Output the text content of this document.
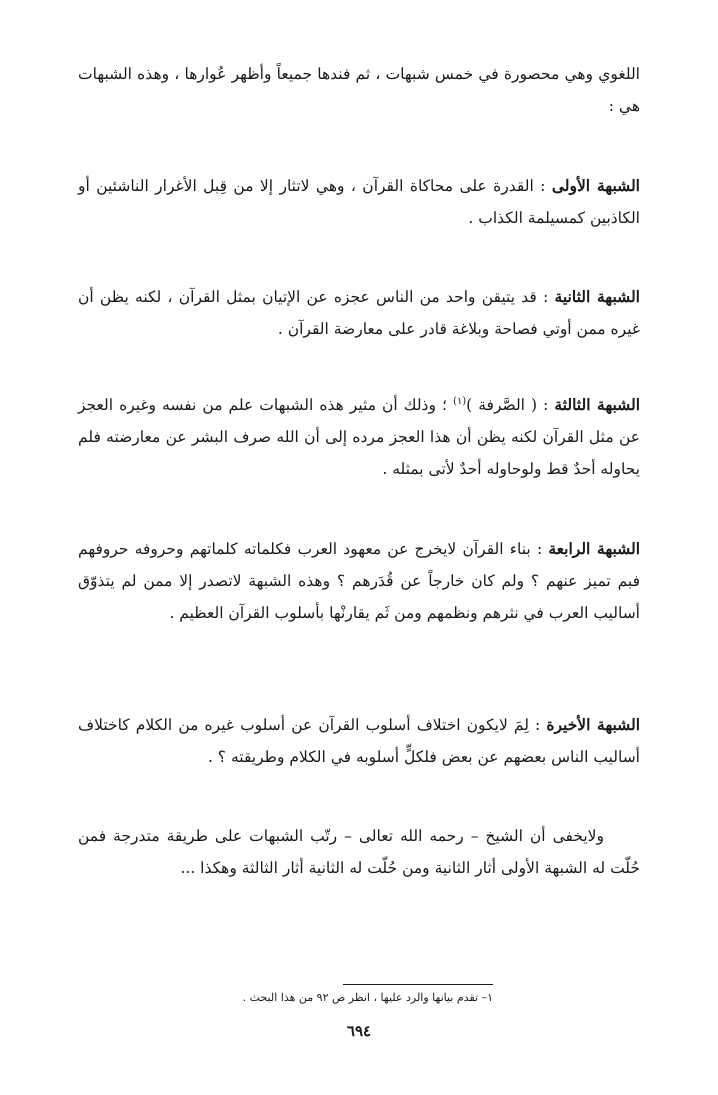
اللغوي وهي محصورة في خمس شبهات ، ثم فندها جميعاً وأظهر عُوارها ، وهذه الشبهات هي :

الشبهة الأولى : القدرة على محاكاة القرآن ، وهي لاتثار إلا من قِبل الأغرار الناشئين أو الكاذبين كمسيلمة الكذاب .

الشبهة الثانية : قد يتيقن واحد من الناس عجزه عن الإتيان بمثل القرآن ، لكنه يظن أن غيره ممن أوتي فصاحة وبلاغة قادر على معارضة القرآن .

الشبهة الثالثة : ( الصَّرفة )$^{(١)}$ ؛ وذلك أن مثير هذه الشبهات علم من نفسه وغيره العجز عن مثل القرآن لكنه يظن أن هذا العجز مرده إلى أن الله صرف البشر عن معارضته فلم يحاوله أحدٌ قط ولوحاوله أحدٌ لأتى بمثله .

الشبهة الرابعة : بناء القرآن لايخرج عن معهود العرب فكلماته كلماتهم وحروفه حروفهم فبم تميز عنهم ؟ ولم كان خارجاً عن قُدَرهم ؟ وهذه الشبهة لاتصدر إلا ممن لم يتذوّق أساليب العرب في نثرهم ونظمهم ومن ثَم يقارنْها بأسلوب القرآن العظيم .

الشبهة الأخيرة : لِمَ لايكون اختلاف أسلوب القرآن عن أسلوب غيره من الكلام كاختلاف أساليب الناس بعضهم عن بعض فلكلٍّ أسلوبه في الكلام وطريقته ؟ .

ولايخفى أن الشيخ – رحمه الله تعالى – رتّب الشبهات على طريقة متدرجة فمن حُلّت له الشبهة الأولى أثار الثانية ومن حُلّت له الثانية أثار الثالثة وهكذا ...

١– تقدم بيانها والرد عليها ، انظر ص ٩٢ من هذا البحث .
٦٩٤
